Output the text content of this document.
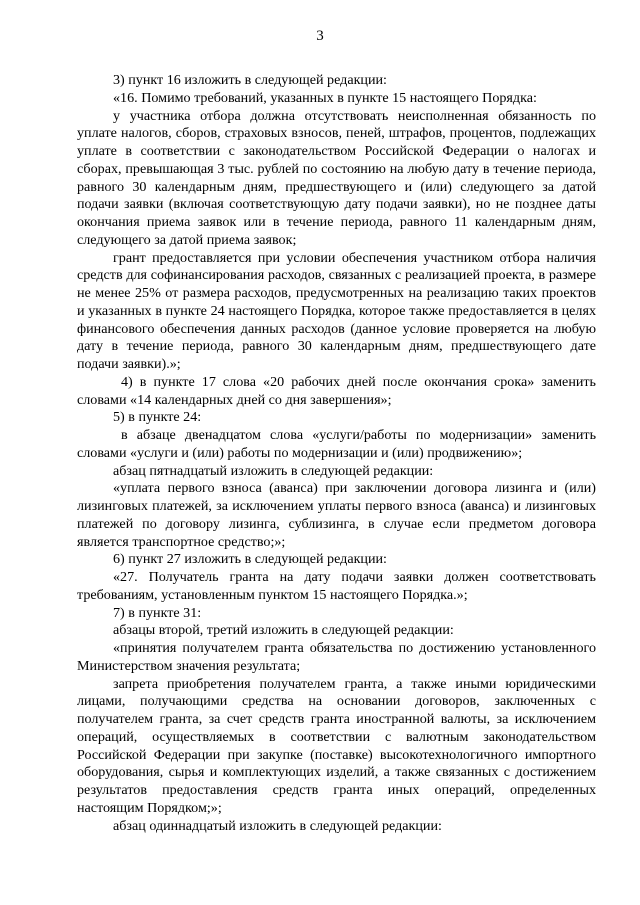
3

3) пункт 16 изложить в следующей редакции:

«16. Помимо требований, указанных в пункте 15 настоящего Порядка:

у участника отбора должна отсутствовать неисполненная обязанность по уплате налогов, сборов, страховых взносов, пеней, штрафов, процентов, подлежащих уплате в соответствии с законодательством Российской Федерации о налогах и сборах, превышающая 3 тыс. рублей по состоянию на любую дату в течение периода, равного 30 календарным дням, предшествующего и (или) следующего за датой подачи заявки (включая соответствующую дату подачи заявки), но не позднее даты окончания приема заявок или в течение периода, равного 11 календарным дням, следующего за датой приема заявок;

грант предоставляется при условии обеспечения участником отбора наличия средств для софинансирования расходов, связанных с реализацией проекта, в размере не менее 25% от размера расходов, предусмотренных на реализацию таких проектов и указанных в пункте 24 настоящего Порядка, которое также предоставляется в целях финансового обеспечения данных расходов (данное условие проверяется на любую дату в течение периода, равного 30 календарным дням, предшествующего дате подачи заявки).»;

4) в пункте 17 слова «20 рабочих дней после окончания срока» заменить словами «14 календарных дней со дня завершения»;

5) в пункте 24:

в абзаце двенадцатом слова «услуги/работы по модернизации» заменить словами «услуги и (или) работы по модернизации и (или) продвижению»;

абзац пятнадцатый изложить в следующей редакции:

«уплата первого взноса (аванса) при заключении договора лизинга и (или) лизинговых платежей, за исключением уплаты первого взноса (аванса) и лизинговых платежей по договору лизинга, сублизинга, в случае если предметом договора является транспортное средство;»;

6) пункт 27 изложить в следующей редакции:

«27. Получатель гранта на дату подачи заявки должен соответствовать требованиям, установленным пунктом 15 настоящего Порядка.»;

7) в пункте 31:

абзацы второй, третий изложить в следующей редакции:

«принятия получателем гранта обязательства по достижению установленного Министерством значения результата;

запрета приобретения получателем гранта, а также иными юридическими лицами, получающими средства на основании договоров, заключенных с получателем гранта, за счет средств гранта иностранной валюты, за исключением операций, осуществляемых в соответствии с валютным законодательством Российской Федерации при закупке (поставке) высокотехнологичного импортного оборудования, сырья и комплектующих изделий, а также связанных с достижением результатов предоставления средств гранта иных операций, определенных настоящим Порядком;»;

абзац одиннадцатый изложить в следующей редакции:
